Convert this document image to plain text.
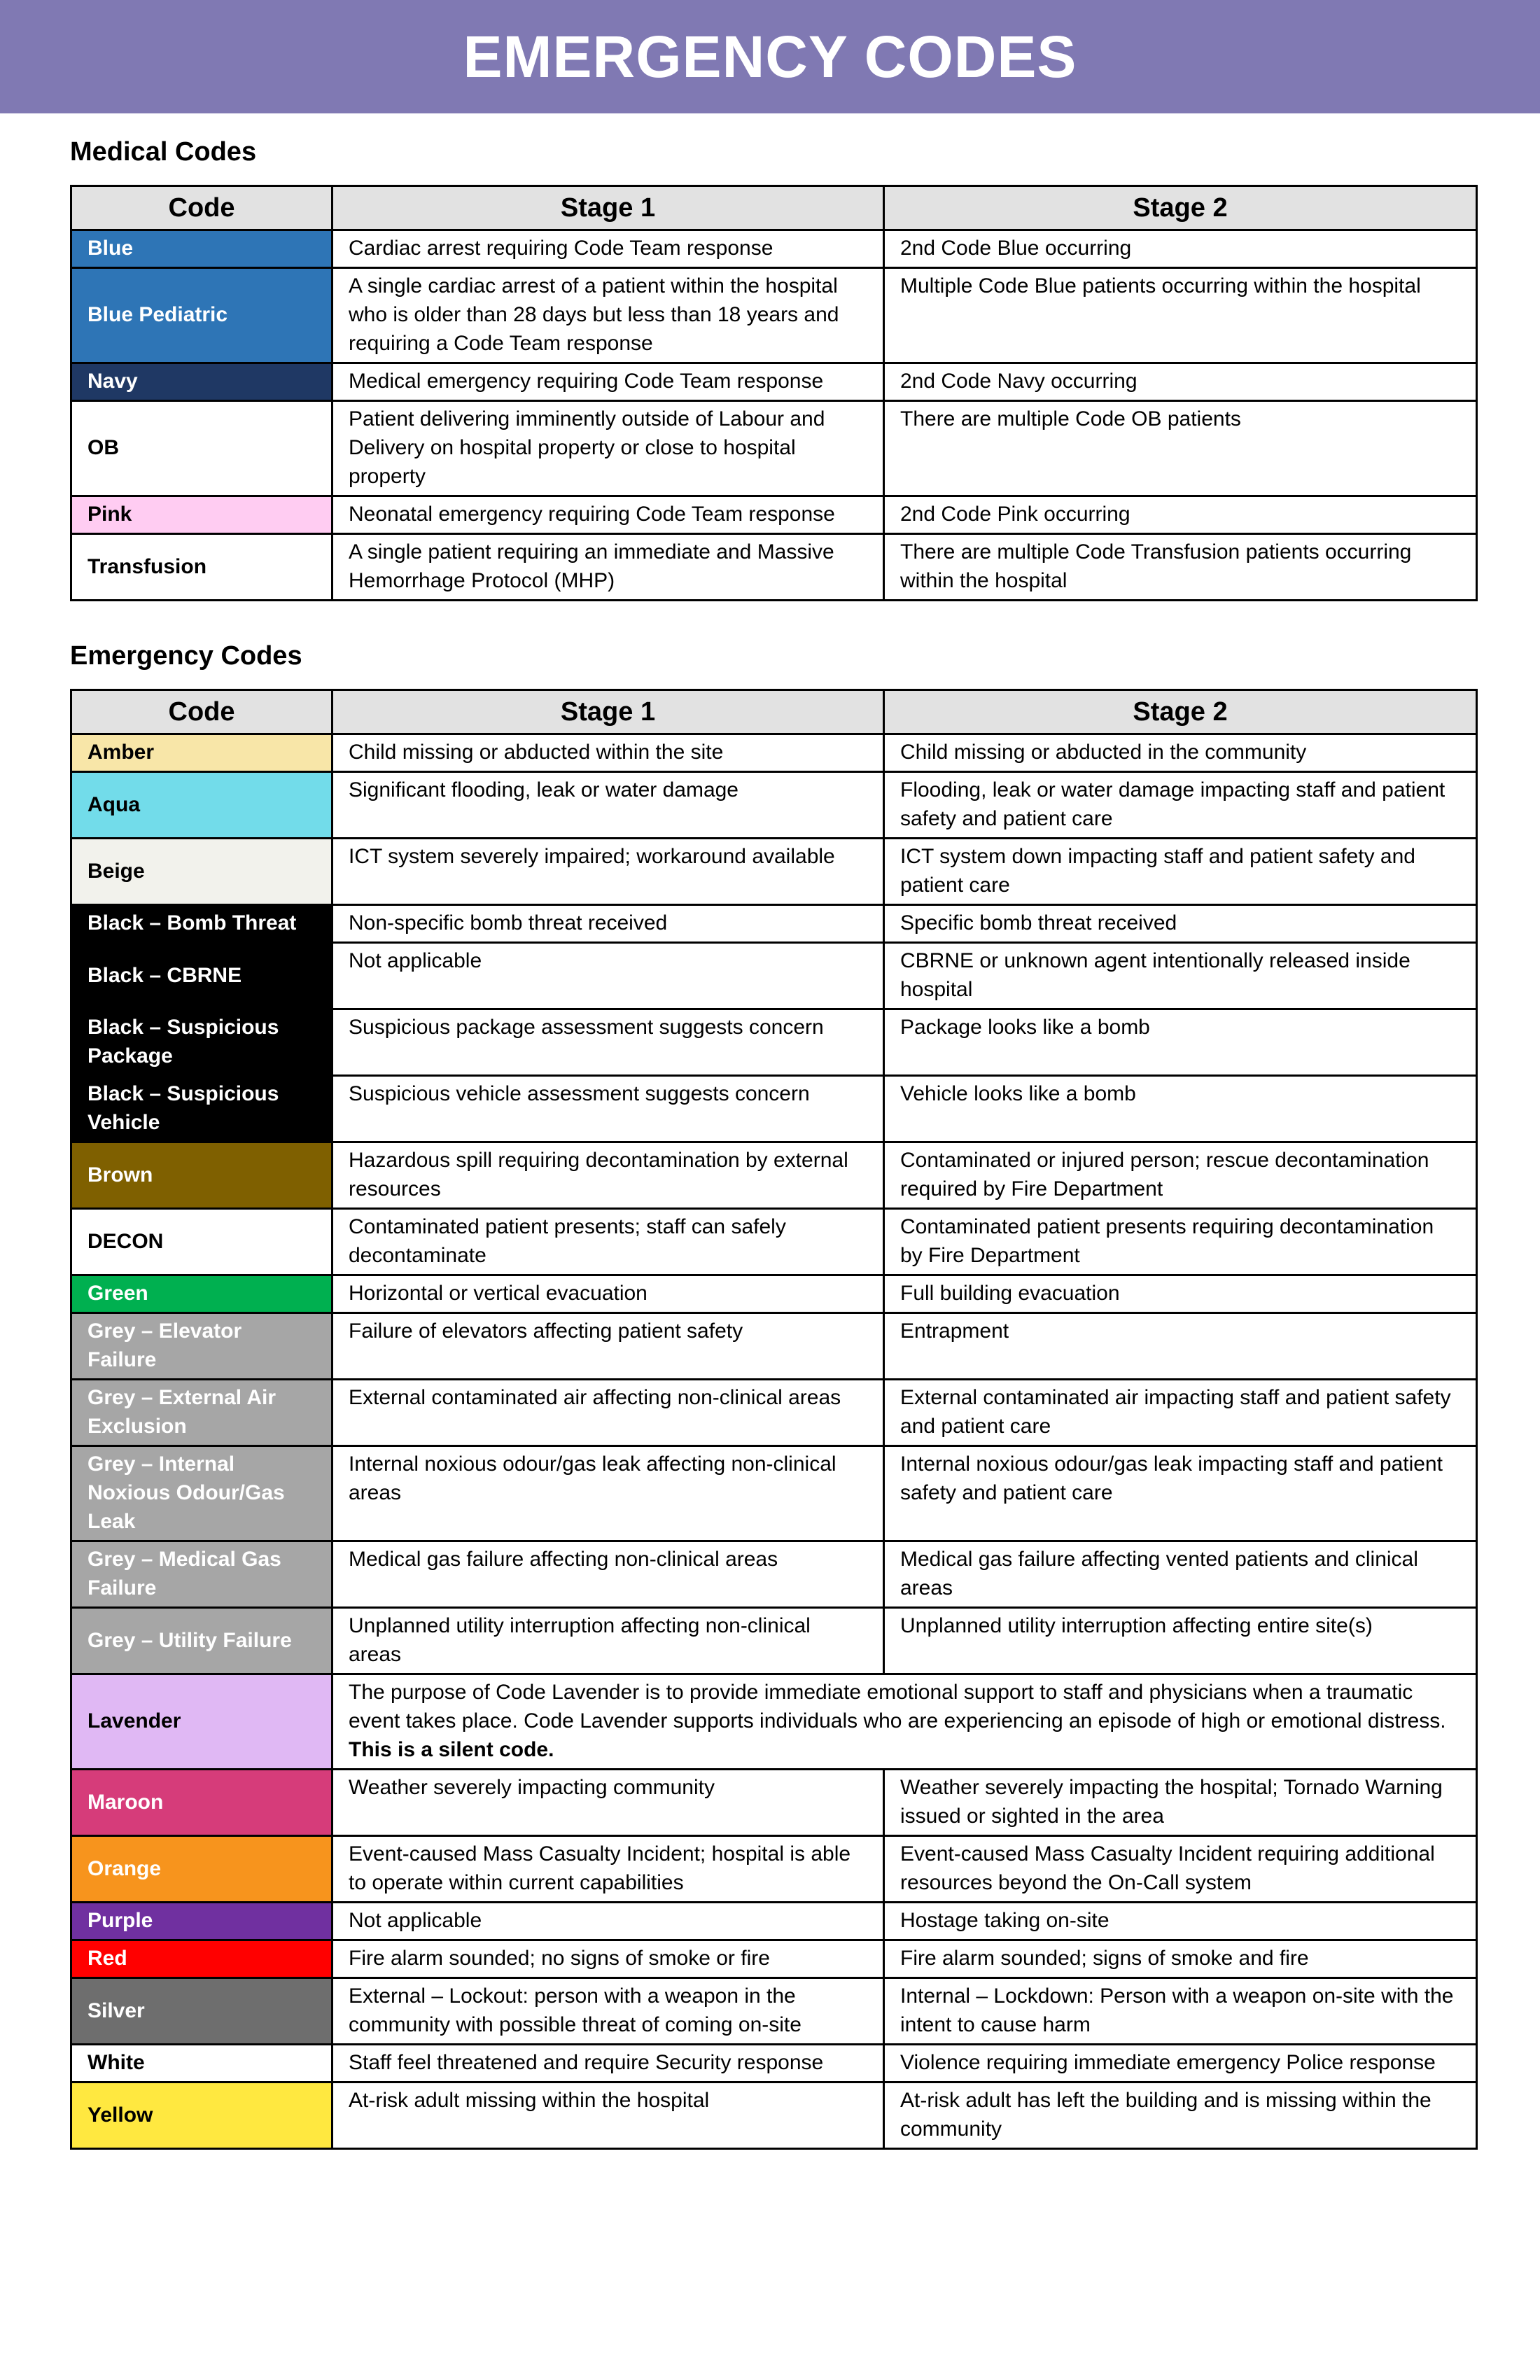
EMERGENCY CODES
Medical Codes
Code	Stage 1	Stage 2
Blue	Cardiac arrest requiring Code Team response	2nd Code Blue occurring
Blue Pediatric	A single cardiac arrest of a patient within the hospital who is older than 28 days but less than 18 years and requiring a Code Team response	Multiple Code Blue patients occurring within the hospital
Navy	Medical emergency requiring Code Team response	2nd Code Navy occurring
OB	Patient delivering imminently outside of Labour and Delivery on hospital property or close to hospital property	There are multiple Code OB patients
Pink	Neonatal emergency requiring Code Team response	2nd Code Pink occurring
Transfusion	A single patient requiring an immediate and Massive Hemorrhage Protocol (MHP)	There are multiple Code Transfusion patients occurring within the hospital
Emergency Codes
Code	Stage 1	Stage 2
Amber	Child missing or abducted within the site	Child missing or abducted in the community
Aqua	Significant flooding, leak or water damage	Flooding, leak or water damage impacting staff and patient safety and patient care
Beige	ICT system severely impaired; workaround available	ICT system down impacting staff and patient safety and patient care
Black – Bomb Threat	Non-specific bomb threat received	Specific bomb threat received
Black – CBRNE	Not applicable	CBRNE or unknown agent intentionally released inside hospital
Black – Suspicious Package	Suspicious package assessment suggests concern	Package looks like a bomb
Black – Suspicious Vehicle	Suspicious vehicle assessment suggests concern	Vehicle looks like a bomb
Brown	Hazardous spill requiring decontamination by external resources	Contaminated or injured person; rescue decontamination required by Fire Department
DECON	Contaminated patient presents; staff can safely decontaminate	Contaminated patient presents requiring decontamination by Fire Department
Green	Horizontal or vertical evacuation	Full building evacuation
Grey – Elevator Failure	Failure of elevators affecting patient safety	Entrapment
Grey – External Air Exclusion	External contaminated air affecting non-clinical areas	External contaminated air impacting staff and patient safety and patient care
Grey – Internal Noxious Odour/Gas Leak	Internal noxious odour/gas leak affecting non-clinical areas	Internal noxious odour/gas leak impacting staff and patient safety and patient care
Grey – Medical Gas Failure	Medical gas failure affecting non-clinical areas	Medical gas failure affecting vented patients and clinical areas
Grey – Utility Failure	Unplanned utility interruption affecting non-clinical areas	Unplanned utility interruption affecting entire site(s)
Lavender	The purpose of Code Lavender is to provide immediate emotional support to staff and physicians when a traumatic event takes place. Code Lavender supports individuals who are experiencing an episode of high or emotional distress.
This is a silent code.	
Maroon	Weather severely impacting community	Weather severely impacting the hospital; Tornado Warning issued or sighted in the area
Orange	Event-caused Mass Casualty Incident; hospital is able to operate within current capabilities	Event-caused Mass Casualty Incident requiring additional resources beyond the On-Call system
Purple	Not applicable	Hostage taking on-site
Red	Fire alarm sounded; no signs of smoke or fire	Fire alarm sounded; signs of smoke and fire
Silver	External – Lockout: person with a weapon in the community with possible threat of coming on-site	Internal – Lockdown: Person with a weapon on-site with the intent to cause harm
White	Staff feel threatened and require Security response	Violence requiring immediate emergency Police response
Yellow	At-risk adult missing within the hospital	At-risk adult has left the building and is missing within the community
